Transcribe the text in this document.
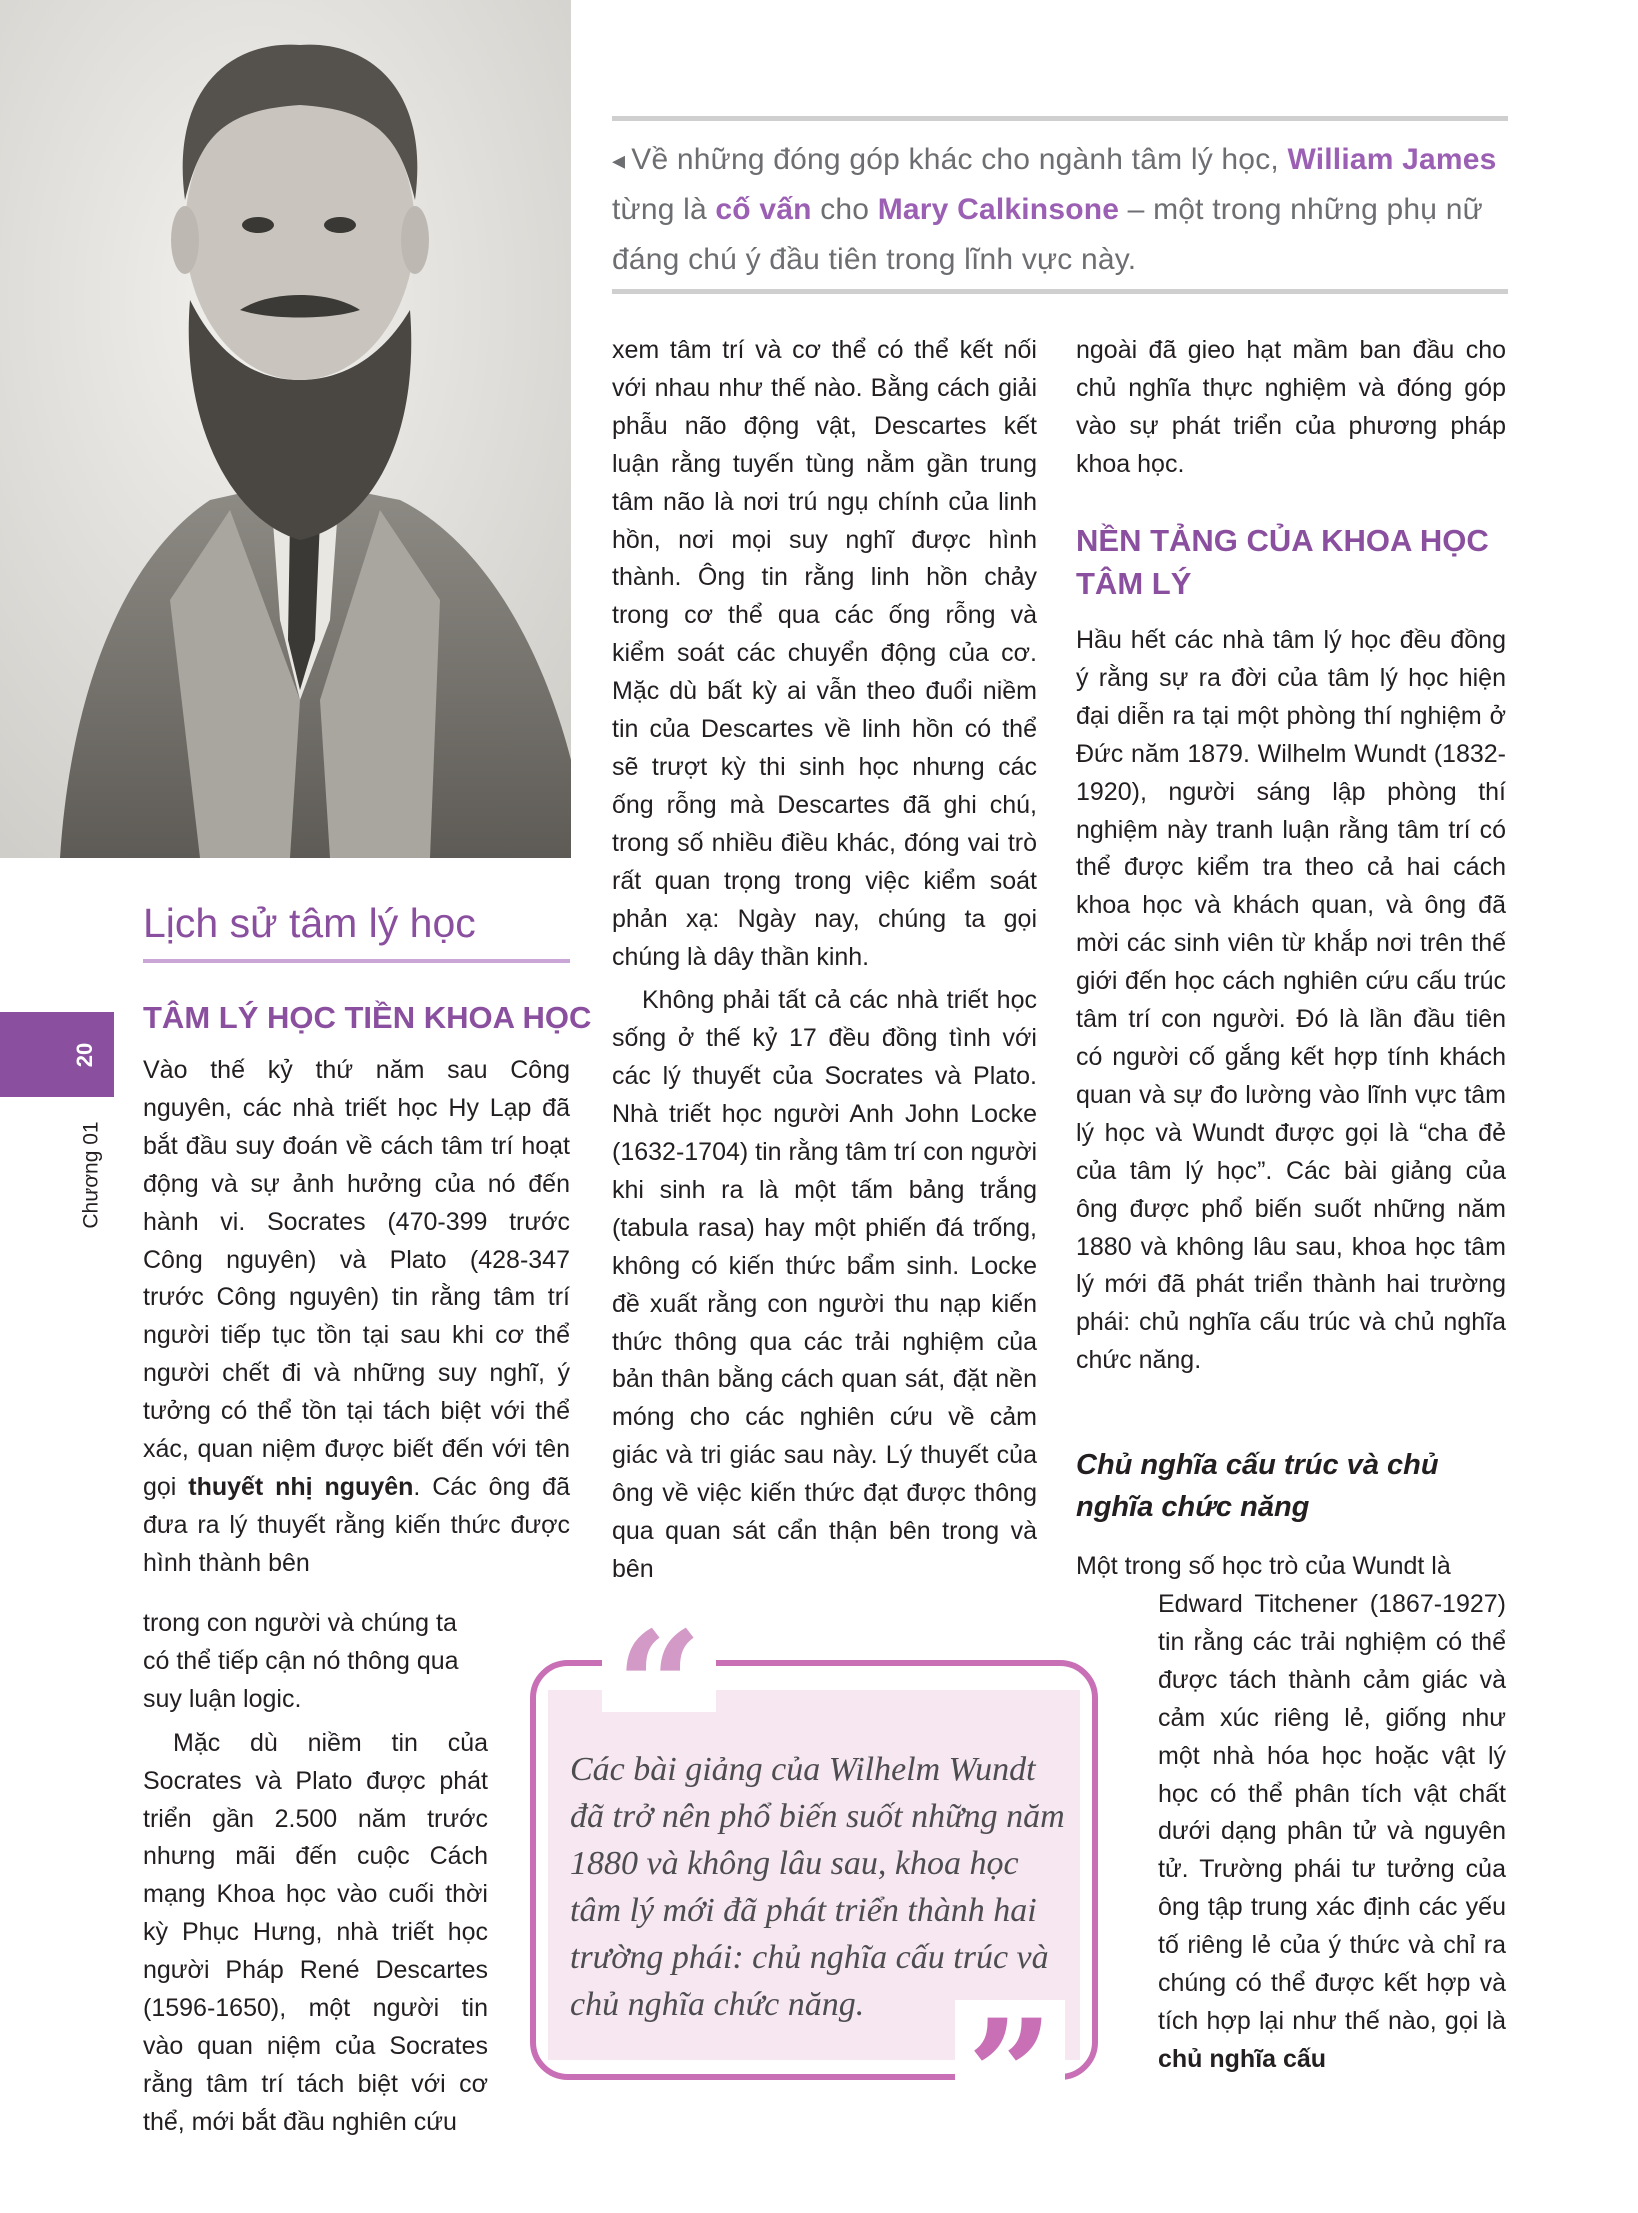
◂ Về những đóng góp khác cho ngành tâm lý học, William James từng là cố vấn cho Mary Calkinsone – một trong những phụ nữ đáng chú ý đầu tiên trong lĩnh vực này.
20
Chương 01
Lịch sử tâm lý học
TÂM LÝ HỌC TIỀN KHOA HỌC

Vào thế kỷ thứ năm sau Công nguyên, các nhà triết học Hy Lạp đã bắt đầu suy đoán về cách tâm trí hoạt động và sự ảnh hưởng của nó đến hành vi. Socrates (470-399 trước Công nguyên) và Plato (428-347 trước Công nguyên) tin rằng tâm trí người tiếp tục tồn tại sau khi cơ thể người chết đi và những suy nghĩ, ý tưởng có thể tồn tại tách biệt với thể xác, quan niệm được biết đến với tên gọi thuyết nhị nguyên. Các ông đã đưa ra lý thuyết rằng kiến thức được hình thành bên

trong con người và chúng ta có thể tiếp cận nó thông qua suy luận logic.

Mặc dù niềm tin của Socrates và Plato được phát triển gần 2.500 năm trước nhưng mãi đến cuộc Cách mạng Khoa học vào cuối thời kỳ Phục Hưng, nhà triết học người Pháp René Descartes (1596-1650), một người tin vào quan niệm của Socrates rằng tâm trí tách biệt với cơ thể, mới bắt đầu nghiên cứu

xem tâm trí và cơ thể có thể kết nối với nhau như thế nào. Bằng cách giải phẫu não động vật, Descartes kết luận rằng tuyến tùng nằm gần trung tâm não là nơi trú ngụ chính của linh hồn, nơi mọi suy nghĩ được hình thành. Ông tin rằng linh hồn chảy trong cơ thể qua các ống rỗng và kiểm soát các chuyển động của cơ. Mặc dù bất kỳ ai vẫn theo đuổi niềm tin của Descartes về linh hồn có thể sẽ trượt kỳ thi sinh học nhưng các ống rỗng mà Descartes đã ghi chú, trong số nhiều điều khác, đóng vai trò rất quan trọng trong việc kiểm soát phản xạ: Ngày nay, chúng ta gọi chúng là dây thần kinh.

Không phải tất cả các nhà triết học sống ở thế kỷ 17 đều đồng tình với các lý thuyết của Socrates và Plato. Nhà triết học người Anh John Locke (1632-1704) tin rằng tâm trí con người khi sinh ra là một tấm bảng trắng (tabula rasa) hay một phiến đá trống, không có kiến thức bẩm sinh. Locke đề xuất rằng con người thu nạp kiến thức thông qua các trải nghiệm của bản thân bằng cách quan sát, đặt nền móng cho các nghiên cứu về cảm giác và tri giác sau này. Lý thuyết của ông về việc kiến thức đạt được thông qua quan sát cẩn thận bên trong và bên

ngoài đã gieo hạt mầm ban đầu cho chủ nghĩa thực nghiệm và đóng góp vào sự phát triển của phương pháp khoa học.

NỀN TẢNG CỦA KHOA HỌC TÂM LÝ

Hầu hết các nhà tâm lý học đều đồng ý rằng sự ra đời của tâm lý học hiện đại diễn ra tại một phòng thí nghiệm ở Đức năm 1879. Wilhelm Wundt (1832-1920), người sáng lập phòng thí nghiệm này tranh luận rằng tâm trí có thể được kiểm tra theo cả hai cách khoa học và khách quan, và ông đã mời các sinh viên từ khắp nơi trên thế giới đến học cách nghiên cứu cấu trúc tâm trí con người. Đó là lần đầu tiên có người cố gắng kết hợp tính khách quan và sự đo lường vào lĩnh vực tâm lý học và Wundt được gọi là “cha đẻ của tâm lý học”. Các bài giảng của ông được phổ biến suốt những năm 1880 và không lâu sau, khoa học tâm lý mới đã phát triển thành hai trường phái: chủ nghĩa cấu trúc và chủ nghĩa chức năng.

Chủ nghĩa cấu trúc và chủ nghĩa chức năng

Một trong số học trò của Wundt là

Edward Titchener (1867-1927) tin rằng các trải nghiệm có thể được tách thành cảm giác và cảm xúc riêng lẻ, giống như một nhà hóa học hoặc vật lý học có thể phân tích vật chất dưới dạng phân tử và nguyên tử. Trường phái tư tưởng của ông tập trung xác định các yếu tố riêng lẻ của ý thức và chỉ ra chúng có thể được kết hợp và tích hợp lại như thế nào, gọi là chủ nghĩa cấu

“
Các bài giảng của Wilhelm Wundt đã trở nên phổ biến suốt những năm 1880 và không lâu sau, khoa học tâm lý mới đã phát triển thành hai trường phái: chủ nghĩa cấu trúc và chủ nghĩa chức năng. ”
